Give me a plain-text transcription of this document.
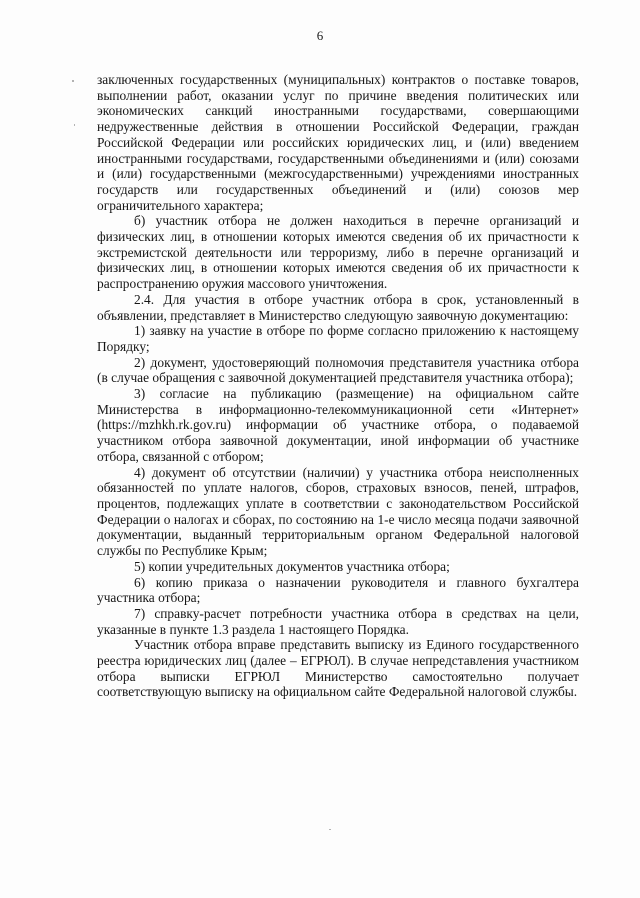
6

заключенных государственных (муниципальных) контрактов о поставке товаров, выполнении работ, оказании услуг по причине введения политических или экономических санкций иностранными государствами, совершающими недружественные действия в отношении Российской Федерации, граждан Российской Федерации или российских юридических лиц, и (или) введением иностранными государствами, государственными объединениями и (или) союзами и (или) государственными (межгосударственными) учреждениями иностранных государств или государственных объединений и (или) союзов мер ограничительного характера;

б) участник отбора не должен находиться в перечне организаций и физических лиц, в отношении которых имеются сведения об их причастности к экстремистской деятельности или терроризму, либо в перечне организаций и физических лиц, в отношении которых имеются сведения об их причастности к распространению оружия массового уничтожения.

2.4. Для участия в отборе участник отбора в срок, установленный в объявлении, представляет в Министерство следующую заявочную документацию:

1) заявку на участие в отборе по форме согласно приложению к настоящему Порядку;

2) документ, удостоверяющий полномочия представителя участника отбора (в случае обращения с заявочной документацией представителя участника отбора);

3) согласие на публикацию (размещение) на официальном сайте Министерства в информационно-телекоммуникационной сети «Интернет» (https://mzhkh.rk.gov.ru) информации об участнике отбора, о подаваемой участником отбора заявочной документации, иной информации об участнике отбора, связанной с отбором;

4) документ об отсутствии (наличии) у участника отбора неисполненных обязанностей по уплате налогов, сборов, страховых взносов, пеней, штрафов, процентов, подлежащих уплате в соответствии с законодательством Российской Федерации о налогах и сборах, по состоянию на 1-е число месяца подачи заявочной документации, выданный территориальным органом Федеральной налоговой службы по Республике Крым;

5) копии учредительных документов участника отбора;

6) копию приказа о назначении руководителя и главного бухгалтера участника отбора;

7) справку-расчет потребности участника отбора в средствах на цели, указанные в пункте 1.3 раздела 1 настоящего Порядка.

Участник отбора вправе представить выписку из Единого государственного реестра юридических лиц (далее – ЕГРЮЛ). В случае непредставления участником отбора выписки ЕГРЮЛ Министерство самостоятельно получает соответствующую выписку на официальном сайте Федеральной налоговой службы.
